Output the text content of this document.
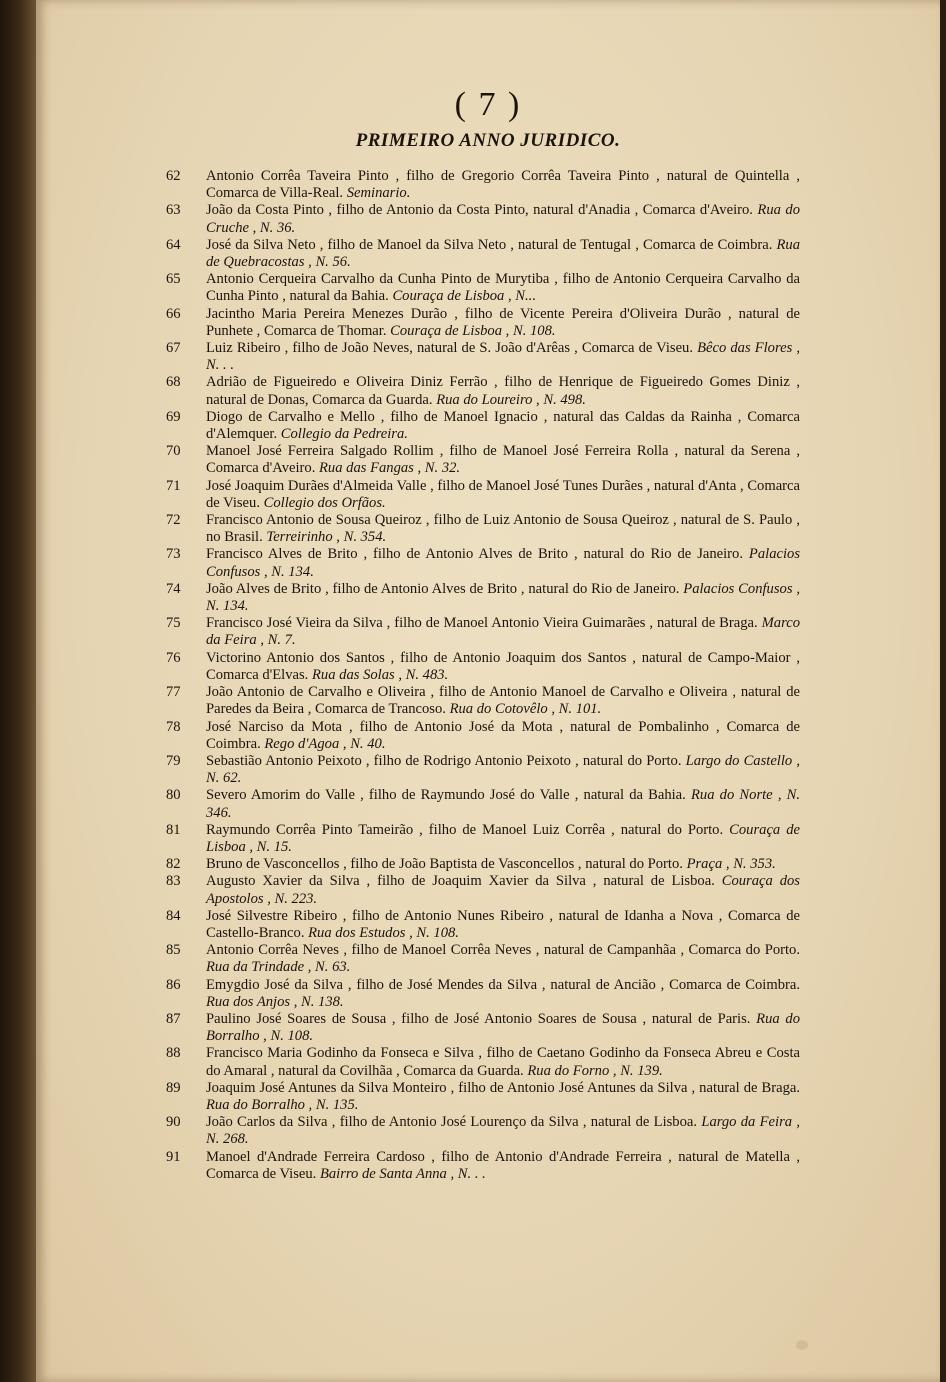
( 7 )
PRIMEIRO ANNO JURIDICO.
62	Antonio Corrêa Taveira Pinto , filho de Gregorio Corrêa Taveira Pinto , natural de Quintella , Comarca de Villa-Real. Seminario.
63	João da Costa Pinto , filho de Antonio da Costa Pinto, natural d'Anadia , Comarca d'Aveiro. Rua do Cruche , N. 36.
64	José da Silva Neto , filho de Manoel da Silva Neto , natural de Tentugal , Comarca de Coimbra. Rua de Quebracostas , N. 56.
65	Antonio Cerqueira Carvalho da Cunha Pinto de Murytiba , filho de Antonio Cerqueira Carvalho da Cunha Pinto , natural da Bahia. Couraça de Lisboa , N...
66	Jacintho Maria Pereira Menezes Durão , filho de Vicente Pereira d'Oliveira Durão , natural de Punhete , Comarca de Thomar. Couraça de Lisboa , N. 108.
67	Luiz Ribeiro , filho de João Neves, natural de S. João d'Arêas , Comarca de Viseu. Bêco das Flores , N. . .
68	Adrião de Figueiredo e Oliveira Diniz Ferrão , filho de Henrique de Figueiredo Gomes Diniz , natural de Donas, Comarca da Guarda. Rua do Loureiro , N. 498.
69	Diogo de Carvalho e Mello , filho de Manoel Ignacio , natural das Caldas da Rainha , Comarca d'Alemquer. Collegio da Pedreira.
70	Manoel José Ferreira Salgado Rollim , filho de Manoel José Ferreira Rolla , natural da Serena , Comarca d'Aveiro. Rua das Fangas , N. 32.
71	José Joaquim Durães d'Almeida Valle , filho de Manoel José Tunes Durães , natural d'Anta , Comarca de Viseu. Collegio dos Orfãos.
72	Francisco Antonio de Sousa Queiroz , filho de Luiz Antonio de Sousa Queiroz , natural de S. Paulo , no Brasil. Terreirinho , N. 354.
73	Francisco Alves de Brito , filho de Antonio Alves de Brito , natural do Rio de Janeiro. Palacios Confusos , N. 134.
74	João Alves de Brito , filho de Antonio Alves de Brito , natural do Rio de Janeiro. Palacios Confusos , N. 134.
75	Francisco José Vieira da Silva , filho de Manoel Antonio Vieira Guimarães , natural de Braga. Marco da Feira , N. 7.
76	Victorino Antonio dos Santos , filho de Antonio Joaquim dos Santos , natural de Campo-Maior , Comarca d'Elvas. Rua das Solas , N. 483.
77	João Antonio de Carvalho e Oliveira , filho de Antonio Manoel de Carvalho e Oliveira , natural de Paredes da Beira , Comarca de Trancoso. Rua do Cotovêlo , N. 101.
78	José Narciso da Mota , filho de Antonio José da Mota , natural de Pombalinho , Comarca de Coimbra. Rego d'Agoa , N. 40.
79	Sebastião Antonio Peixoto , filho de Rodrigo Antonio Peixoto , natural do Porto. Largo do Castello , N. 62.
80	Severo Amorim do Valle , filho de Raymundo José do Valle , natural da Bahia. Rua do Norte , N. 346.
81	Raymundo Corrêa Pinto Tameirão , filho de Manoel Luiz Corrêa , natural do Porto. Couraça de Lisboa , N. 15.
82	Bruno de Vasconcellos , filho de João Baptista de Vasconcellos , natural do Porto. Praça , N. 353.
83	Augusto Xavier da Silva , filho de Joaquim Xavier da Silva , natural de Lisboa. Couraça dos Apostolos , N. 223.
84	José Silvestre Ribeiro , filho de Antonio Nunes Ribeiro , natural de Idanha a Nova , Comarca de Castello-Branco. Rua dos Estudos , N. 108.
85	Antonio Corrêa Neves , filho de Manoel Corrêa Neves , natural de Campanhãa , Comarca do Porto. Rua da Trindade , N. 63.
86	Emygdio José da Silva , filho de José Mendes da Silva , natural de Ancião , Comarca de Coimbra. Rua dos Anjos , N. 138.
87	Paulino José Soares de Sousa , filho de José Antonio Soares de Sousa , natural de Paris. Rua do Borralho , N. 108.
88	Francisco Maria Godinho da Fonseca e Silva , filho de Caetano Godinho da Fonseca Abreu e Costa do Amaral , natural da Covilhãa , Comarca da Guarda. Rua do Forno , N. 139.
89	Joaquim José Antunes da Silva Monteiro , filho de Antonio José Antunes da Silva , natural de Braga. Rua do Borralho , N. 135.
90	João Carlos da Silva , filho de Antonio José Lourenço da Silva , natural de Lisboa. Largo da Feira , N. 268.
91	Manoel d'Andrade Ferreira Cardoso , filho de Antonio d'Andrade Ferreira , natural de Matella , Comarca de Viseu. Bairro de Santa Anna , N. . .
